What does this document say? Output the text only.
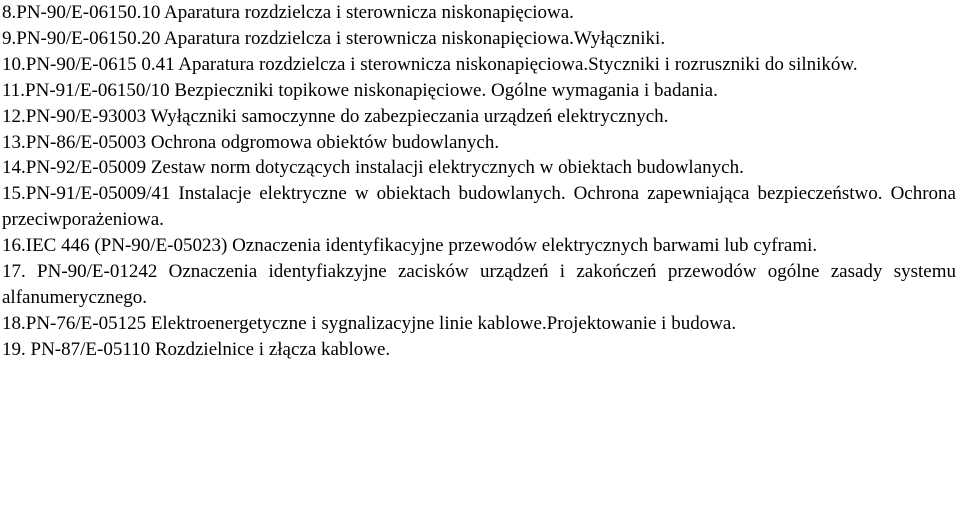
8.PN-90/E-06150.10 Aparatura rozdzielcza i sterownicza niskonapięciowa.
9.PN-90/E-06150.20 Aparatura rozdzielcza i sterownicza niskonapięciowa.Wyłączniki.
10.PN-90/E-0615 0.41 Aparatura rozdzielcza i sterownicza niskonapięciowa.Styczniki i rozruszniki do silników.
11.PN-91/E-06150/10 Bezpieczniki topikowe niskonapięciowe. Ogólne wymagania i badania.
12.PN-90/E-93003 Wyłączniki samoczynne do zabezpieczania urządzeń elektrycznych.
13.PN-86/E-05003 Ochrona odgromowa obiektów budowlanych.
14.PN-92/E-05009 Zestaw norm dotyczących instalacji elektrycznych w obiektach budowlanych.
15.PN-91/E-05009/41 Instalacje elektryczne w obiektach budowlanych. Ochrona zapewniająca bezpieczeństwo. Ochrona przeciwporażeniowa.
16.IEC 446 (PN-90/E-05023) Oznaczenia identyfikacyjne przewodów elektrycznych barwami lub cyframi.
17. PN-90/E-01242 Oznaczenia identyfiakzyjne zacisków urządzeń i zakończeń przewodów ogólne zasady systemu alfanumerycznego.
18.PN-76/E-05125 Elektroenergetyczne i sygnalizacyjne linie kablowe.Projektowanie i budowa.
19. PN-87/E-05110 Rozdzielnice i złącza kablowe.
